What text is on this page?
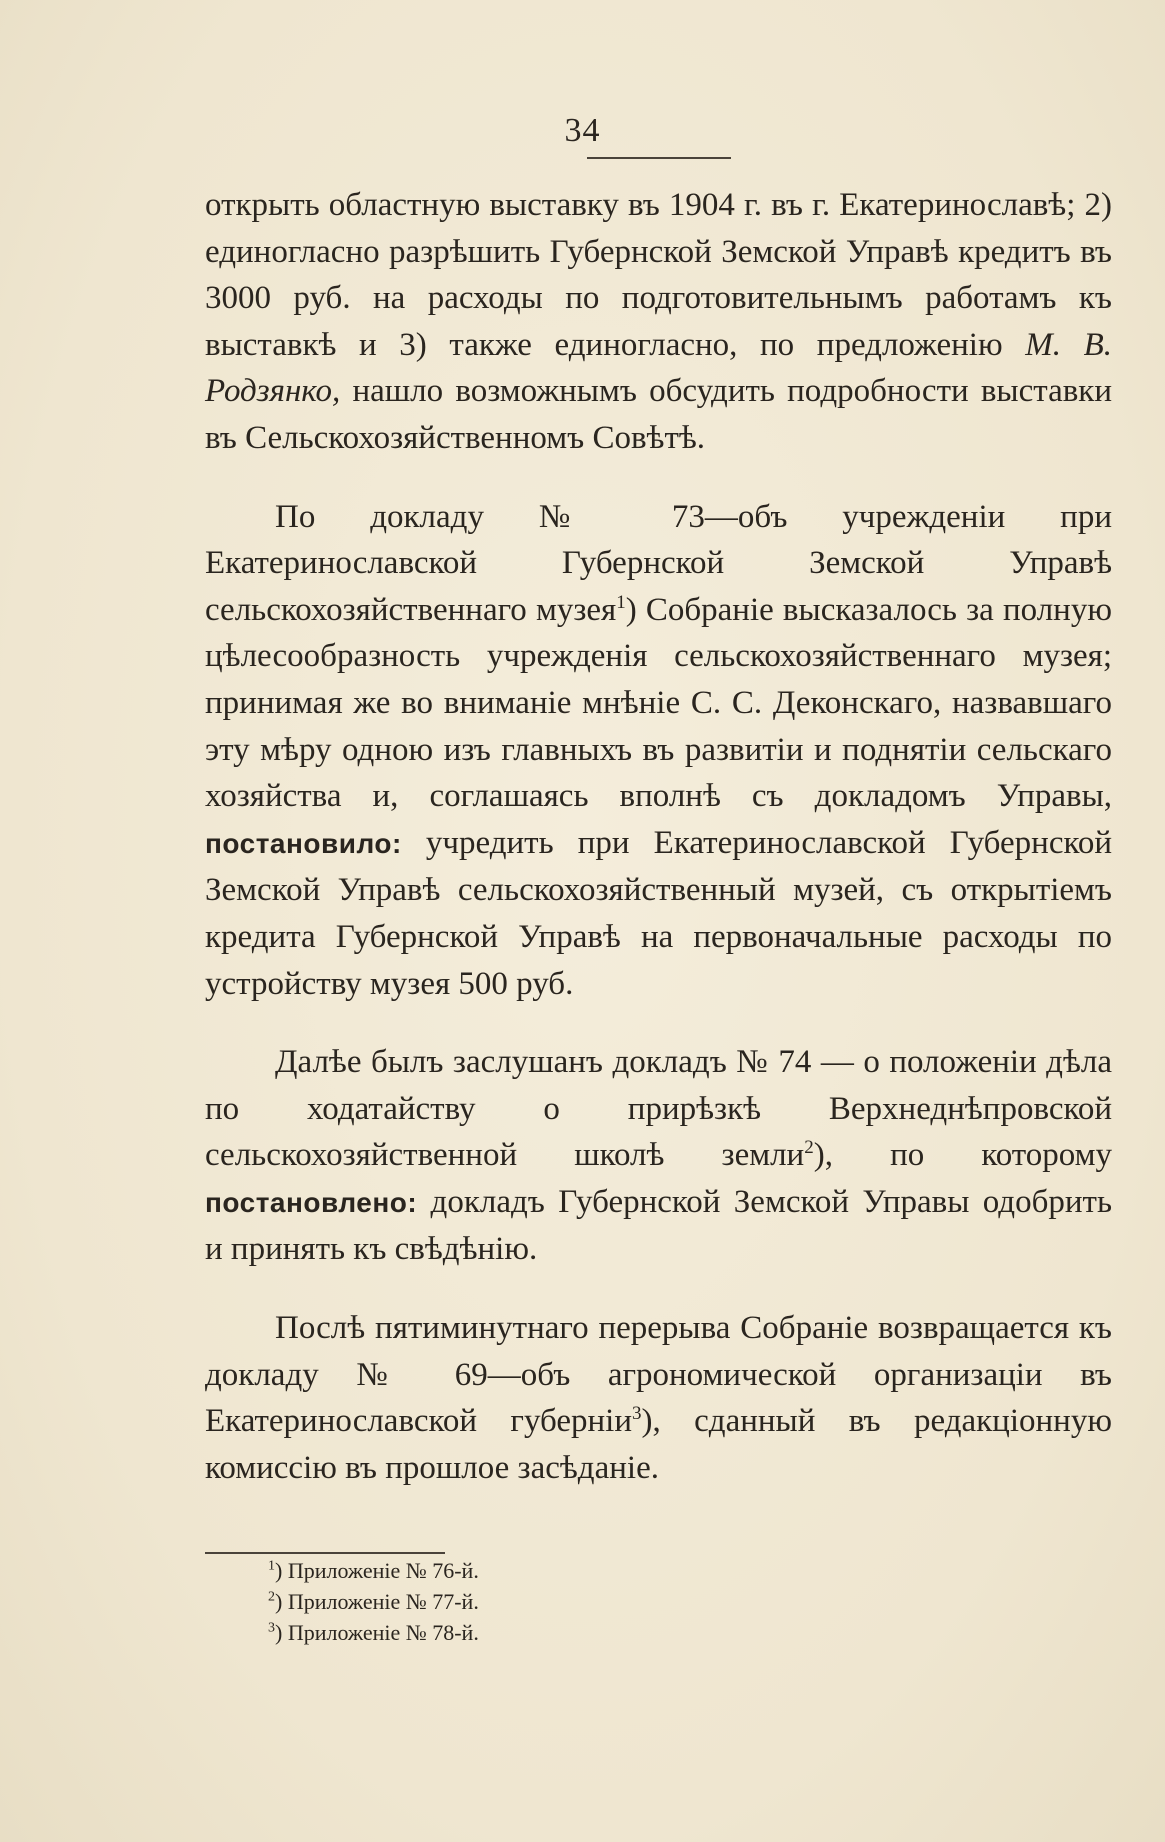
34

открыть областную выставку въ 1904 г. въ г. Екатеринославѣ; 2) единогласно разрѣшить Губернской Земской Управѣ кредитъ въ 3000 руб. на расходы по подготовительнымъ работамъ къ выставкѣ и 3) также единогласно, по предложенію М. В. Родзянко, нашло возможнымъ обсудить подробности выставки въ Сельскохозяйственномъ Совѣтѣ.

По докладу № 73—объ учрежденіи при Екатеринославской Губернской Земской Управѣ сельскохозяйственнаго музея$^1$) Собраніе высказалось за полную цѣлесообразность учрежденія сельскохозяйственнаго музея; принимая же во вниманіе мнѣніе С. С. Деконскаго, назвавшаго эту мѣру одною изъ главныхъ въ развитіи и поднятіи сельскаго хозяйства и, соглашаясь вполнѣ съ докладомъ Управы, постановило: учредить при Екатеринославской Губернской Земской Управѣ сельскохозяйственный музей, съ открытіемъ кредита Губернской Управѣ на первоначальные расходы по устройству музея 500 руб.

Далѣе былъ заслушанъ докладъ № 74 — о положеніи дѣла по ходатайству о прирѣзкѣ Верхнеднѣпровской сельскохозяйственной школѣ земли$^2$), по которому постановлено: докладъ Губернской Земской Управы одобрить и принять къ свѣдѣнію.

Послѣ пятиминутнаго перерыва Собраніе возвращается къ докладу № 69—объ агрономической организаціи въ Екатеринославской губерніи$^3$), сданный въ редакціонную комиссію въ прошлое засѣданіе.

$^1$) Приложеніе № 76-й.
$^2$) Приложеніе № 77-й.
$^3$) Приложеніе № 78-й.
